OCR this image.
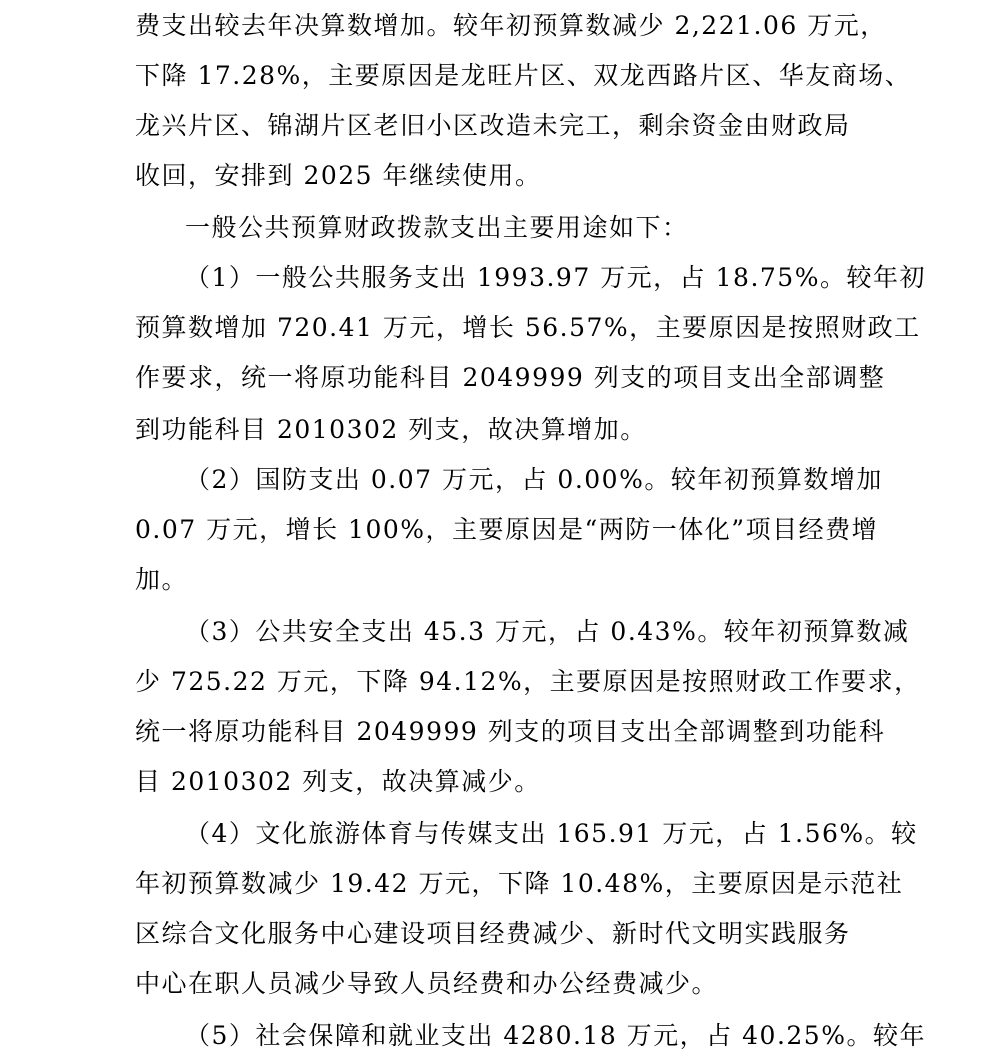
费支出较去年决算数增加。较年初预算数减少 2,221.06 万元，
下降 17.28%，主要原因是龙旺片区、双龙西路片区、华友商场、
龙兴片区、锦湖片区老旧小区改造未完工，剩余资金由财政局
收回，安排到 2025 年继续使用。
一般公共预算财政拨款支出主要用途如下：
（1）一般公共服务支出 1993.97 万元，占 18.75%。较年初
预算数增加 720.41 万元，增长 56.57%，主要原因是按照财政工
作要求，统一将原功能科目 2049999 列支的项目支出全部调整
到功能科目 2010302 列支，故决算增加。
（2）国防支出 0.07 万元，占 0.00%。较年初预算数增加
0.07 万元，增长 100%，主要原因是“两防一体化”项目经费增
加。
（3）公共安全支出 45.3 万元，占 0.43%。较年初预算数减
少 725.22 万元，下降 94.12%，主要原因是按照财政工作要求，
统一将原功能科目 2049999 列支的项目支出全部调整到功能科
目 2010302 列支，故决算减少。
（4）文化旅游体育与传媒支出 165.91 万元，占 1.56%。较
年初预算数减少 19.42 万元，下降 10.48%，主要原因是示范社
区综合文化服务中心建设项目经费减少、新时代文明实践服务
中心在职人员减少导致人员经费和办公经费减少。
（5）社会保障和就业支出 4280.18 万元，占 40.25%。较年
